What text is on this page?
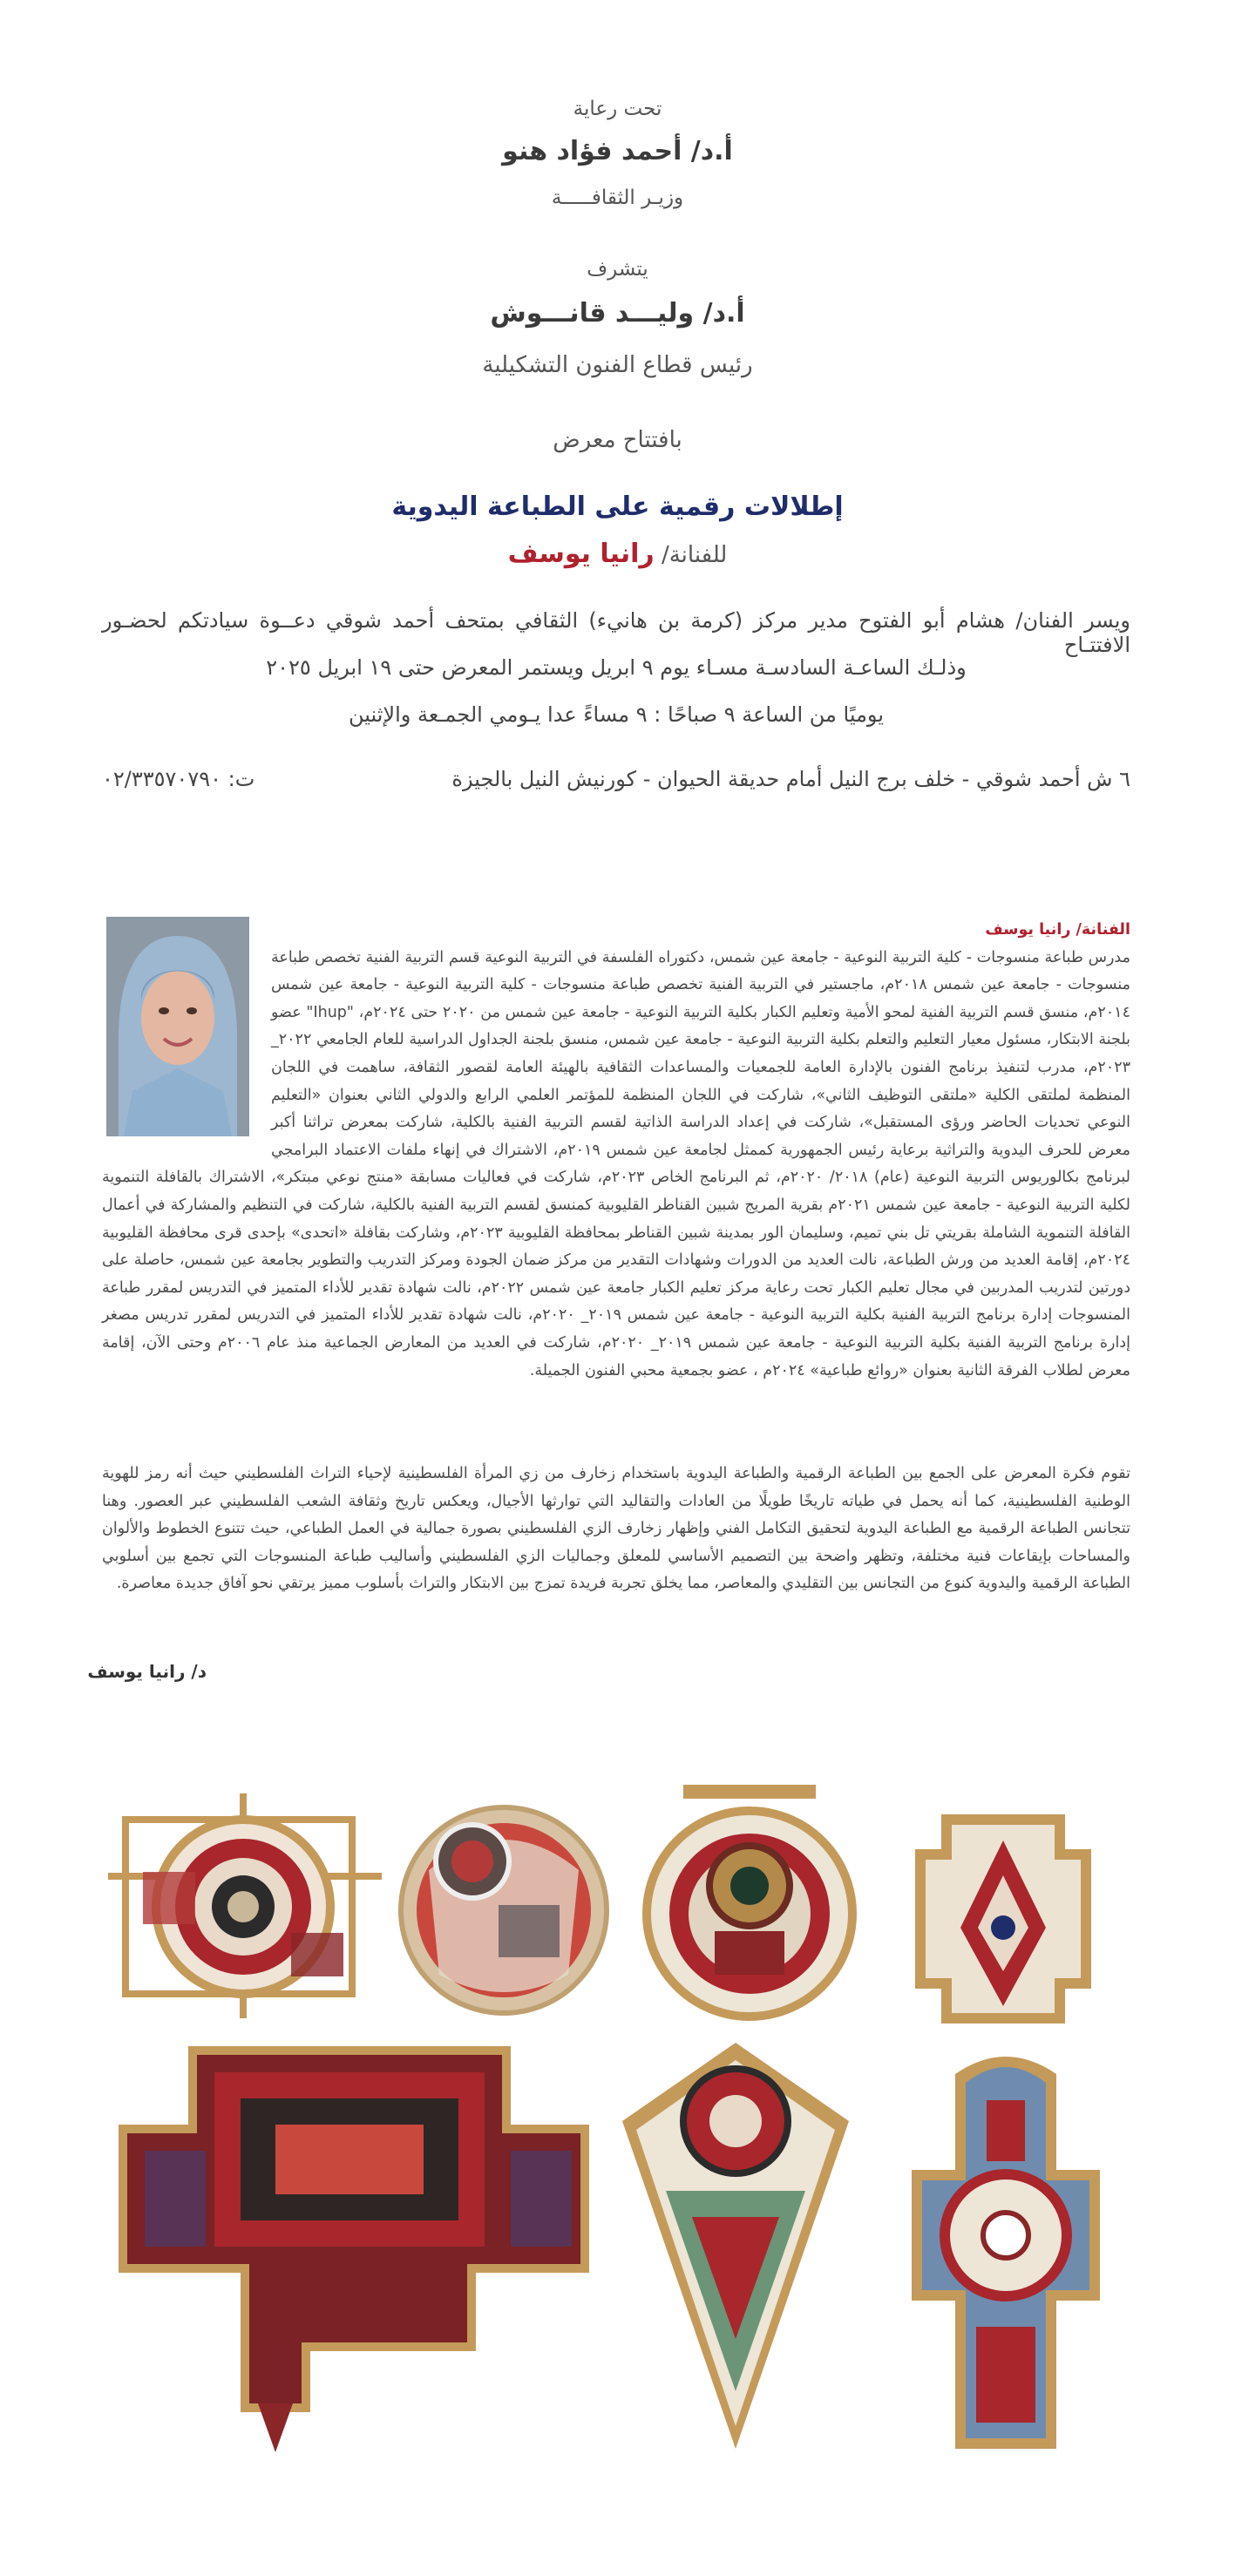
تحت رعاية
أ.د/ أحمد فؤاد هنو
وزيـر الثقافـــــة
يتشرف
أ.د/ وليـــد قانـــوش
رئيس قطاع الفنون التشكيلية
بافتتاح معرض
إطلالات رقمية على الطباعة اليدوية
للفنانة/ رانيا يوسف
ويسر الفنان/ هشام أبو الفتوح مدير مركز (كرمة بن هانيء) الثقافي بمتحف أحمد شوقي دعــوة سيادتكم لحضـور الافتتـاح
وذلـك الساعـة السادسـة مسـاء يوم ٩ ابريل ويستمر المعرض حتى ١٩ ابريل ٢٠٢٥
يوميًا من الساعة ٩ صباحًا : ٩ مساءً عدا يـومي الجمـعة والإثنين
٦ ش أحمد شوقي - خلف برج النيل أمام حديقة الحيوان - كورنيش النيل بالجيزة
ت: ٠٢/٣٣٥٧٠٧٩٠
الفنانة/ رانيا يوسف
مدرس طباعة منسوجات - كلية التربية النوعية - جامعة عين شمس، دكتوراه الفلسفة في التربية النوعية قسم التربية الفنية تخصص طباعة منسوجات - جامعة عين شمس ٢٠١٨م، ماجستير في التربية الفنية تخصص طباعة منسوجات - كلية التربية النوعية - جامعة عين شمس ٢٠١٤م، منسق قسم التربية الفنية لمحو الأمية وتعليم الكبار بكلية التربية النوعية - جامعة عين شمس من ٢٠٢٠ حتى ٢٠٢٤م، "Ihup" عضو بلجنة الابتكار، مسئول معيار التعليم والتعلم بكلية التربية النوعية - جامعة عين شمس، منسق بلجنة الجداول الدراسية للعام الجامعي ٢٠٢٢_ ٢٠٢٣م، مدرب لتنفيذ برنامج الفنون بالإدارة العامة للجمعيات والمساعدات الثقافية بالهيئة العامة لقصور الثقافة، ساهمت في اللجان المنظمة لملتقى الكلية «ملتقى التوظيف الثاني»، شاركت في اللجان المنظمة للمؤتمر العلمي الرابع والدولي الثاني بعنوان «التعليم النوعي تحديات الحاضر ورؤى المستقبل»، شاركت في إعداد الدراسة الذاتية لقسم التربية الفنية بالكلية، شاركت بمعرض تراثنا أكبر معرض للحرف اليدوية والتراثية برعاية رئيس الجمهورية كممثل لجامعة عين شمس ٢٠١٩م، الاشتراك في إنهاء ملفات الاعتماد البرامجي لبرنامج بكالوريوس التربية النوعية (عام) ٢٠١٨/ ٢٠٢٠م، ثم البرنامج الخاص ٢٠٢٣م، شاركت في فعاليات مسابقة «منتج نوعي مبتكر»، الاشتراك بالقافلة التنموية لكلية التربية النوعية - جامعة عين شمس ٢٠٢١م بقرية المريج شبين القناطر القليوبية كمنسق لقسم التربية الفنية بالكلية، شاركت في التنظيم والمشاركة في أعمال القافلة التنموية الشاملة بقريتي تل بني تميم، وسليمان الور بمدينة شبين القناطر بمحافظة القليوبية ٢٠٢٣م، وشاركت بقافلة «اتحدى» بإحدى قرى محافظة القليوبية ٢٠٢٤م، إقامة العديد من ورش الطباعة، نالت العديد من الدورات وشهادات التقدير من مركز ضمان الجودة ومركز التدريب والتطوير بجامعة عين شمس، حاصلة على دورتين لتدريب المدربين في مجال تعليم الكبار تحت رعاية مركز تعليم الكبار جامعة عين شمس ٢٠٢٢م، نالت شهادة تقدير للأداء المتميز في التدريس لمقرر طباعة المنسوجات إدارة برنامج التربية الفنية بكلية التربية النوعية - جامعة عين شمس ٢٠١٩_ ٢٠٢٠م، نالت شهادة تقدير للأداء المتميز في التدريس لمقرر تدريس مصغر إدارة برنامج التربية الفنية بكلية التربية النوعية - جامعة عين شمس ٢٠١٩_ ٢٠٢٠م، شاركت في العديد من المعارض الجماعية منذ عام ٢٠٠٦م وحتى الآن، إقامة معرض لطلاب الفرقة الثانية بعنوان «روائع طباعية» ٢٠٢٤م ، عضو بجمعية محبي الفنون الجميلة.
تقوم فكرة المعرض على الجمع بين الطباعة الرقمية والطباعة اليدوية باستخدام زخارف من زي المرأة الفلسطينية لإحياء التراث الفلسطيني حيث أنه رمز للهوية الوطنية الفلسطينية، كما أنه يحمل في طياته تاريخًا طويلًا من العادات والتقاليد التي توارثها الأجيال، ويعكس تاريخ وثقافة الشعب الفلسطيني عبر العصور. وهنا تتجانس الطباعة الرقمية مع الطباعة اليدوية لتحقيق التكامل الفني وإظهار زخارف الزي الفلسطيني بصورة جمالية في العمل الطباعي، حيث تتنوع الخطوط والألوان والمساحات بإيقاعات فنية مختلفة، وتظهر واضحة بين التصميم الأساسي للمعلق وجماليات الزي الفلسطيني وأساليب طباعة المنسوجات التي تجمع بين أسلوبي الطباعة الرقمية واليدوية كنوع من التجانس بين التقليدي والمعاصر، مما يخلق تجربة فريدة تمزج بين الابتكار والتراث بأسلوب مميز يرتقي نحو آفاق جديدة معاصرة.
د/ رانيا يوسف
